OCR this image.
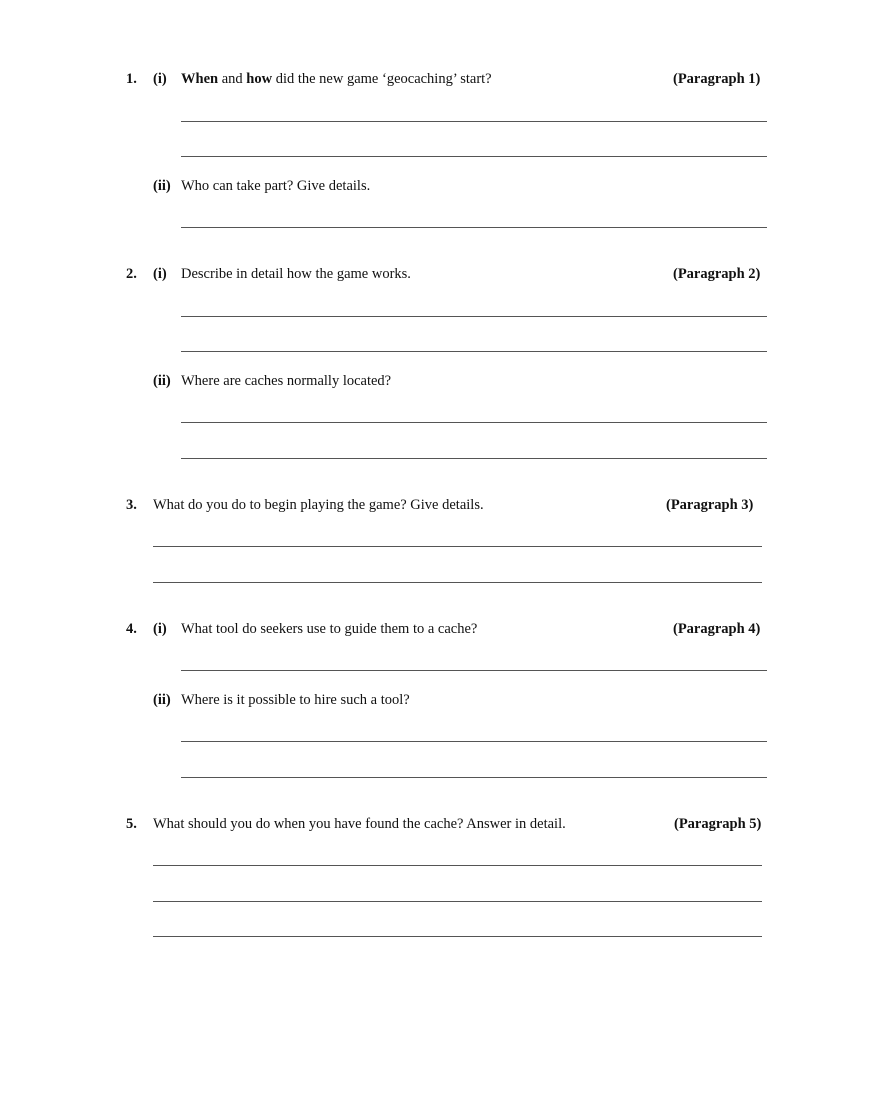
1. (i) When and how did the new game ‘geocaching’ start?	(Paragraph 1)
(ii) Who can take part? Give details.
2. (i) Describe in detail how the game works.	(Paragraph 2)
(ii) Where are caches normally located?
3. What do you do to begin playing the game? Give details.	(Paragraph 3)
4. (i) What tool do seekers use to guide them to a cache?	(Paragraph 4)
(ii) Where is it possible to hire such a tool?
5. What should you do when you have found the cache? Answer in detail.	(Paragraph 5)
